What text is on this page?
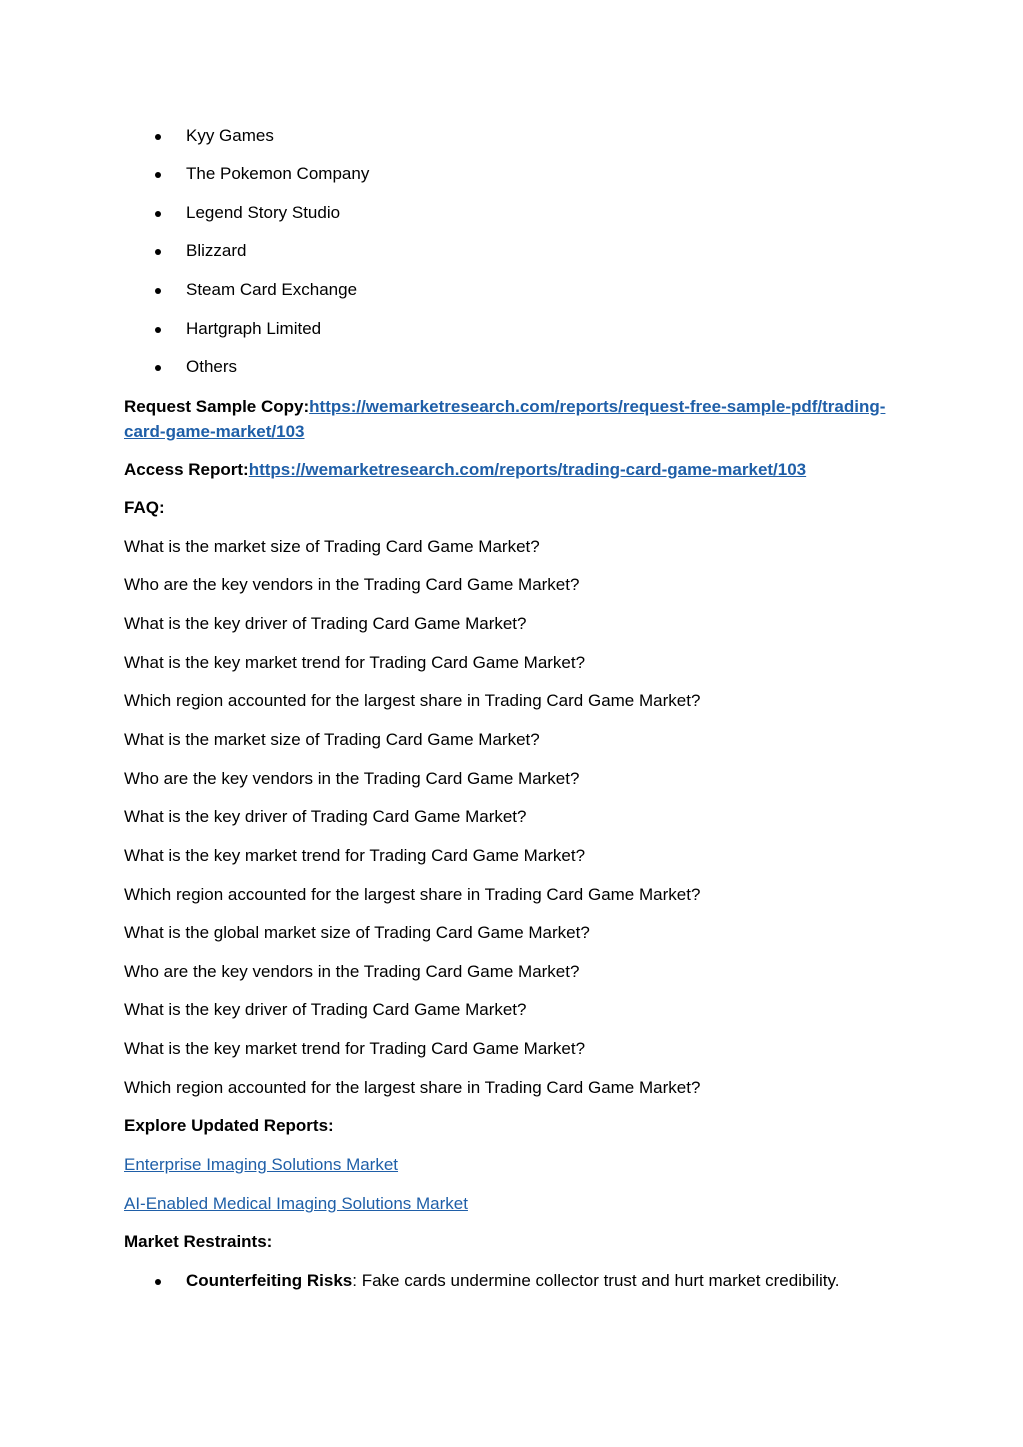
Kyy Games
The Pokemon Company
Legend Story Studio
Blizzard
Steam Card Exchange
Hartgraph Limited
Others
Request Sample Copy:https://wemarketresearch.com/reports/request-free-sample-pdf/trading-
card-game-market/103
Access Report:https://wemarketresearch.com/reports/trading-card-game-market/103
FAQ:
What is the market size of Trading Card Game Market?
Who are the key vendors in the Trading Card Game Market?
What is the key driver of Trading Card Game Market?
What is the key market trend for Trading Card Game Market?
Which region accounted for the largest share in Trading Card Game Market?
What is the market size of Trading Card Game Market?
Who are the key vendors in the Trading Card Game Market?
What is the key driver of Trading Card Game Market?
What is the key market trend for Trading Card Game Market?
Which region accounted for the largest share in Trading Card Game Market?
What is the global market size of Trading Card Game Market?
Who are the key vendors in the Trading Card Game Market?
What is the key driver of Trading Card Game Market?
What is the key market trend for Trading Card Game Market?
Which region accounted for the largest share in Trading Card Game Market?
Explore Updated Reports:
Enterprise Imaging Solutions Market
AI-Enabled Medical Imaging Solutions Market
Market Restraints:
Counterfeiting Risks: Fake cards undermine collector trust and hurt market credibility.
